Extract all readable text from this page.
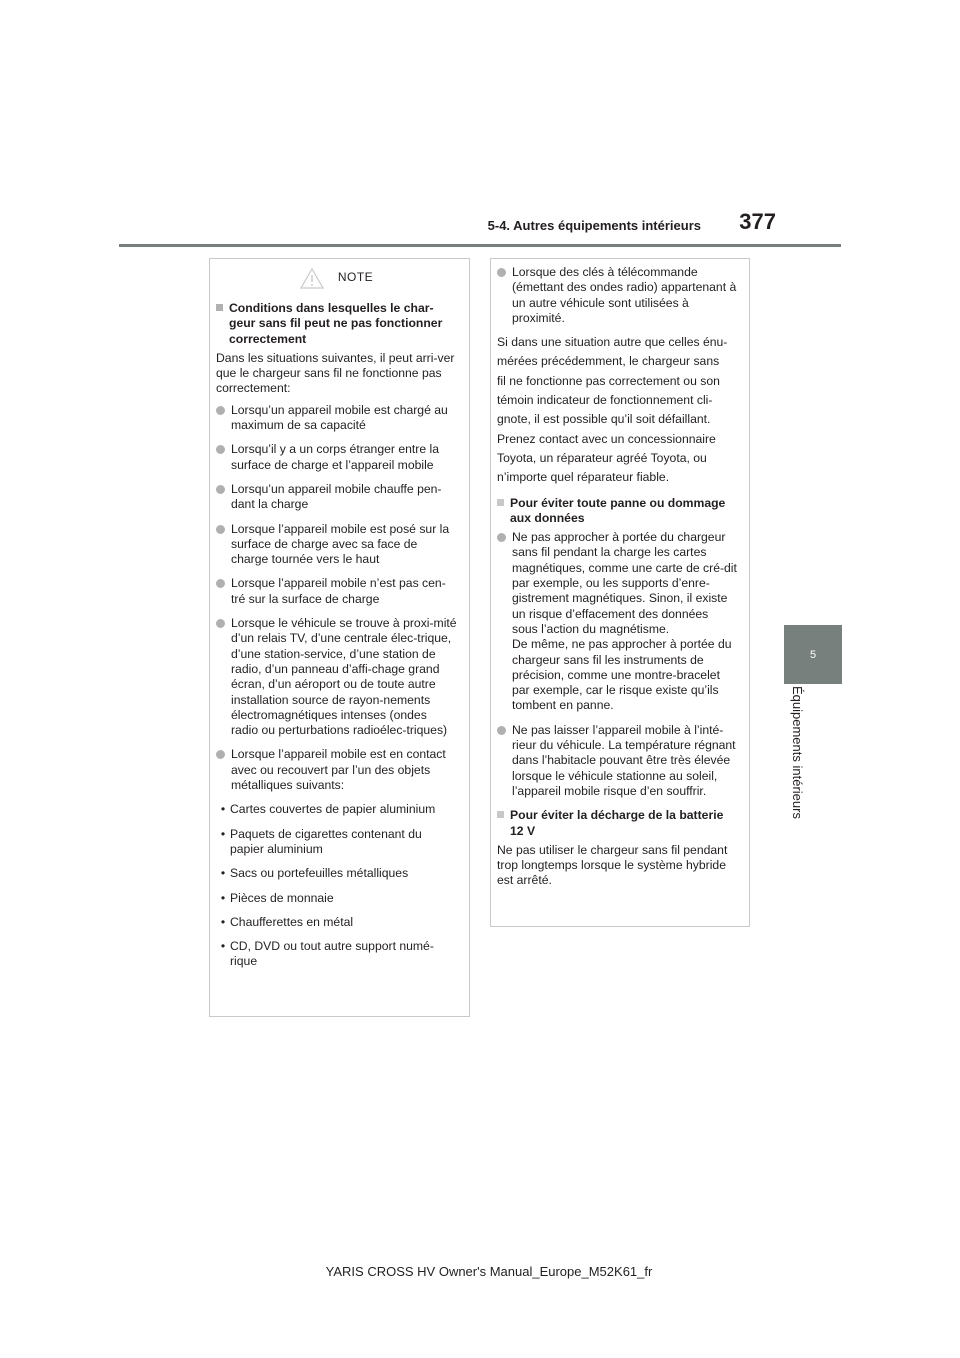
5-4. Autres équipements intérieurs	377
5
Équipements intérieurs
NOTE
Conditions dans lesquelles le char-geur sans fil peut ne pas fonctionner correctement
Dans les situations suivantes, il peut arri-ver que le chargeur sans fil ne fonctionne pas correctement:
Lorsqu’un appareil mobile est chargé au maximum de sa capacité
Lorsqu’il y a un corps étranger entre la surface de charge et l’appareil mobile
Lorsqu’un appareil mobile chauffe pen-dant la charge
Lorsque l’appareil mobile est posé sur la surface de charge avec sa face de charge tournée vers le haut
Lorsque l’appareil mobile n’est pas cen-tré sur la surface de charge
Lorsque le véhicule se trouve à proxi-mité d’un relais TV, d’une centrale élec-trique, d’une station-service, d’une station de radio, d’un panneau d’affi-chage grand écran, d’un aéroport ou de toute autre installation source de rayon-nements électromagnétiques intenses (ondes radio ou perturbations radioélec-triques)
Lorsque l’appareil mobile est en contact avec ou recouvert par l’un des objets métalliques suivants:
• Cartes couvertes de papier aluminium
• Paquets de cigarettes contenant du papier aluminium
• Sacs ou portefeuilles métalliques
• Pièces de monnaie
• Chaufferettes en métal
• CD, DVD ou tout autre support numé-rique
Lorsque des clés à télécommande (émettant des ondes radio) appartenant à un autre véhicule sont utilisées à proximité.
Si dans une situation autre que celles énu-
mérées précédemment, le chargeur sans
fil ne fonctionne pas correctement ou son
témoin indicateur de fonctionnement cli-
gnote, il est possible qu’il soit défaillant.
Prenez contact avec un concessionnaire
Toyota, un réparateur agréé Toyota, ou
n’importe quel réparateur fiable.
Pour éviter toute panne ou dommage aux données
Ne pas approcher à portée du chargeur sans fil pendant la charge les cartes magnétiques, comme une carte de cré-dit par exemple, ou les supports d’enre-gistrement magnétiques. Sinon, il existe un risque d’effacement des données sous l’action du magnétisme.
De même, ne pas approcher à portée du chargeur sans fil les instruments de précision, comme une montre-bracelet par exemple, car le risque existe qu’ils tombent en panne.
Ne pas laisser l’appareil mobile à l’inté-rieur du véhicule. La température régnant dans l’habitacle pouvant être très élevée lorsque le véhicule stationne au soleil, l’appareil mobile risque d’en souffrir.
Pour éviter la décharge de la batterie 12 V
Ne pas utiliser le chargeur sans fil pendant trop longtemps lorsque le système hybride est arrêté.
YARIS CROSS HV Owner's Manual_Europe_M52K61_fr
